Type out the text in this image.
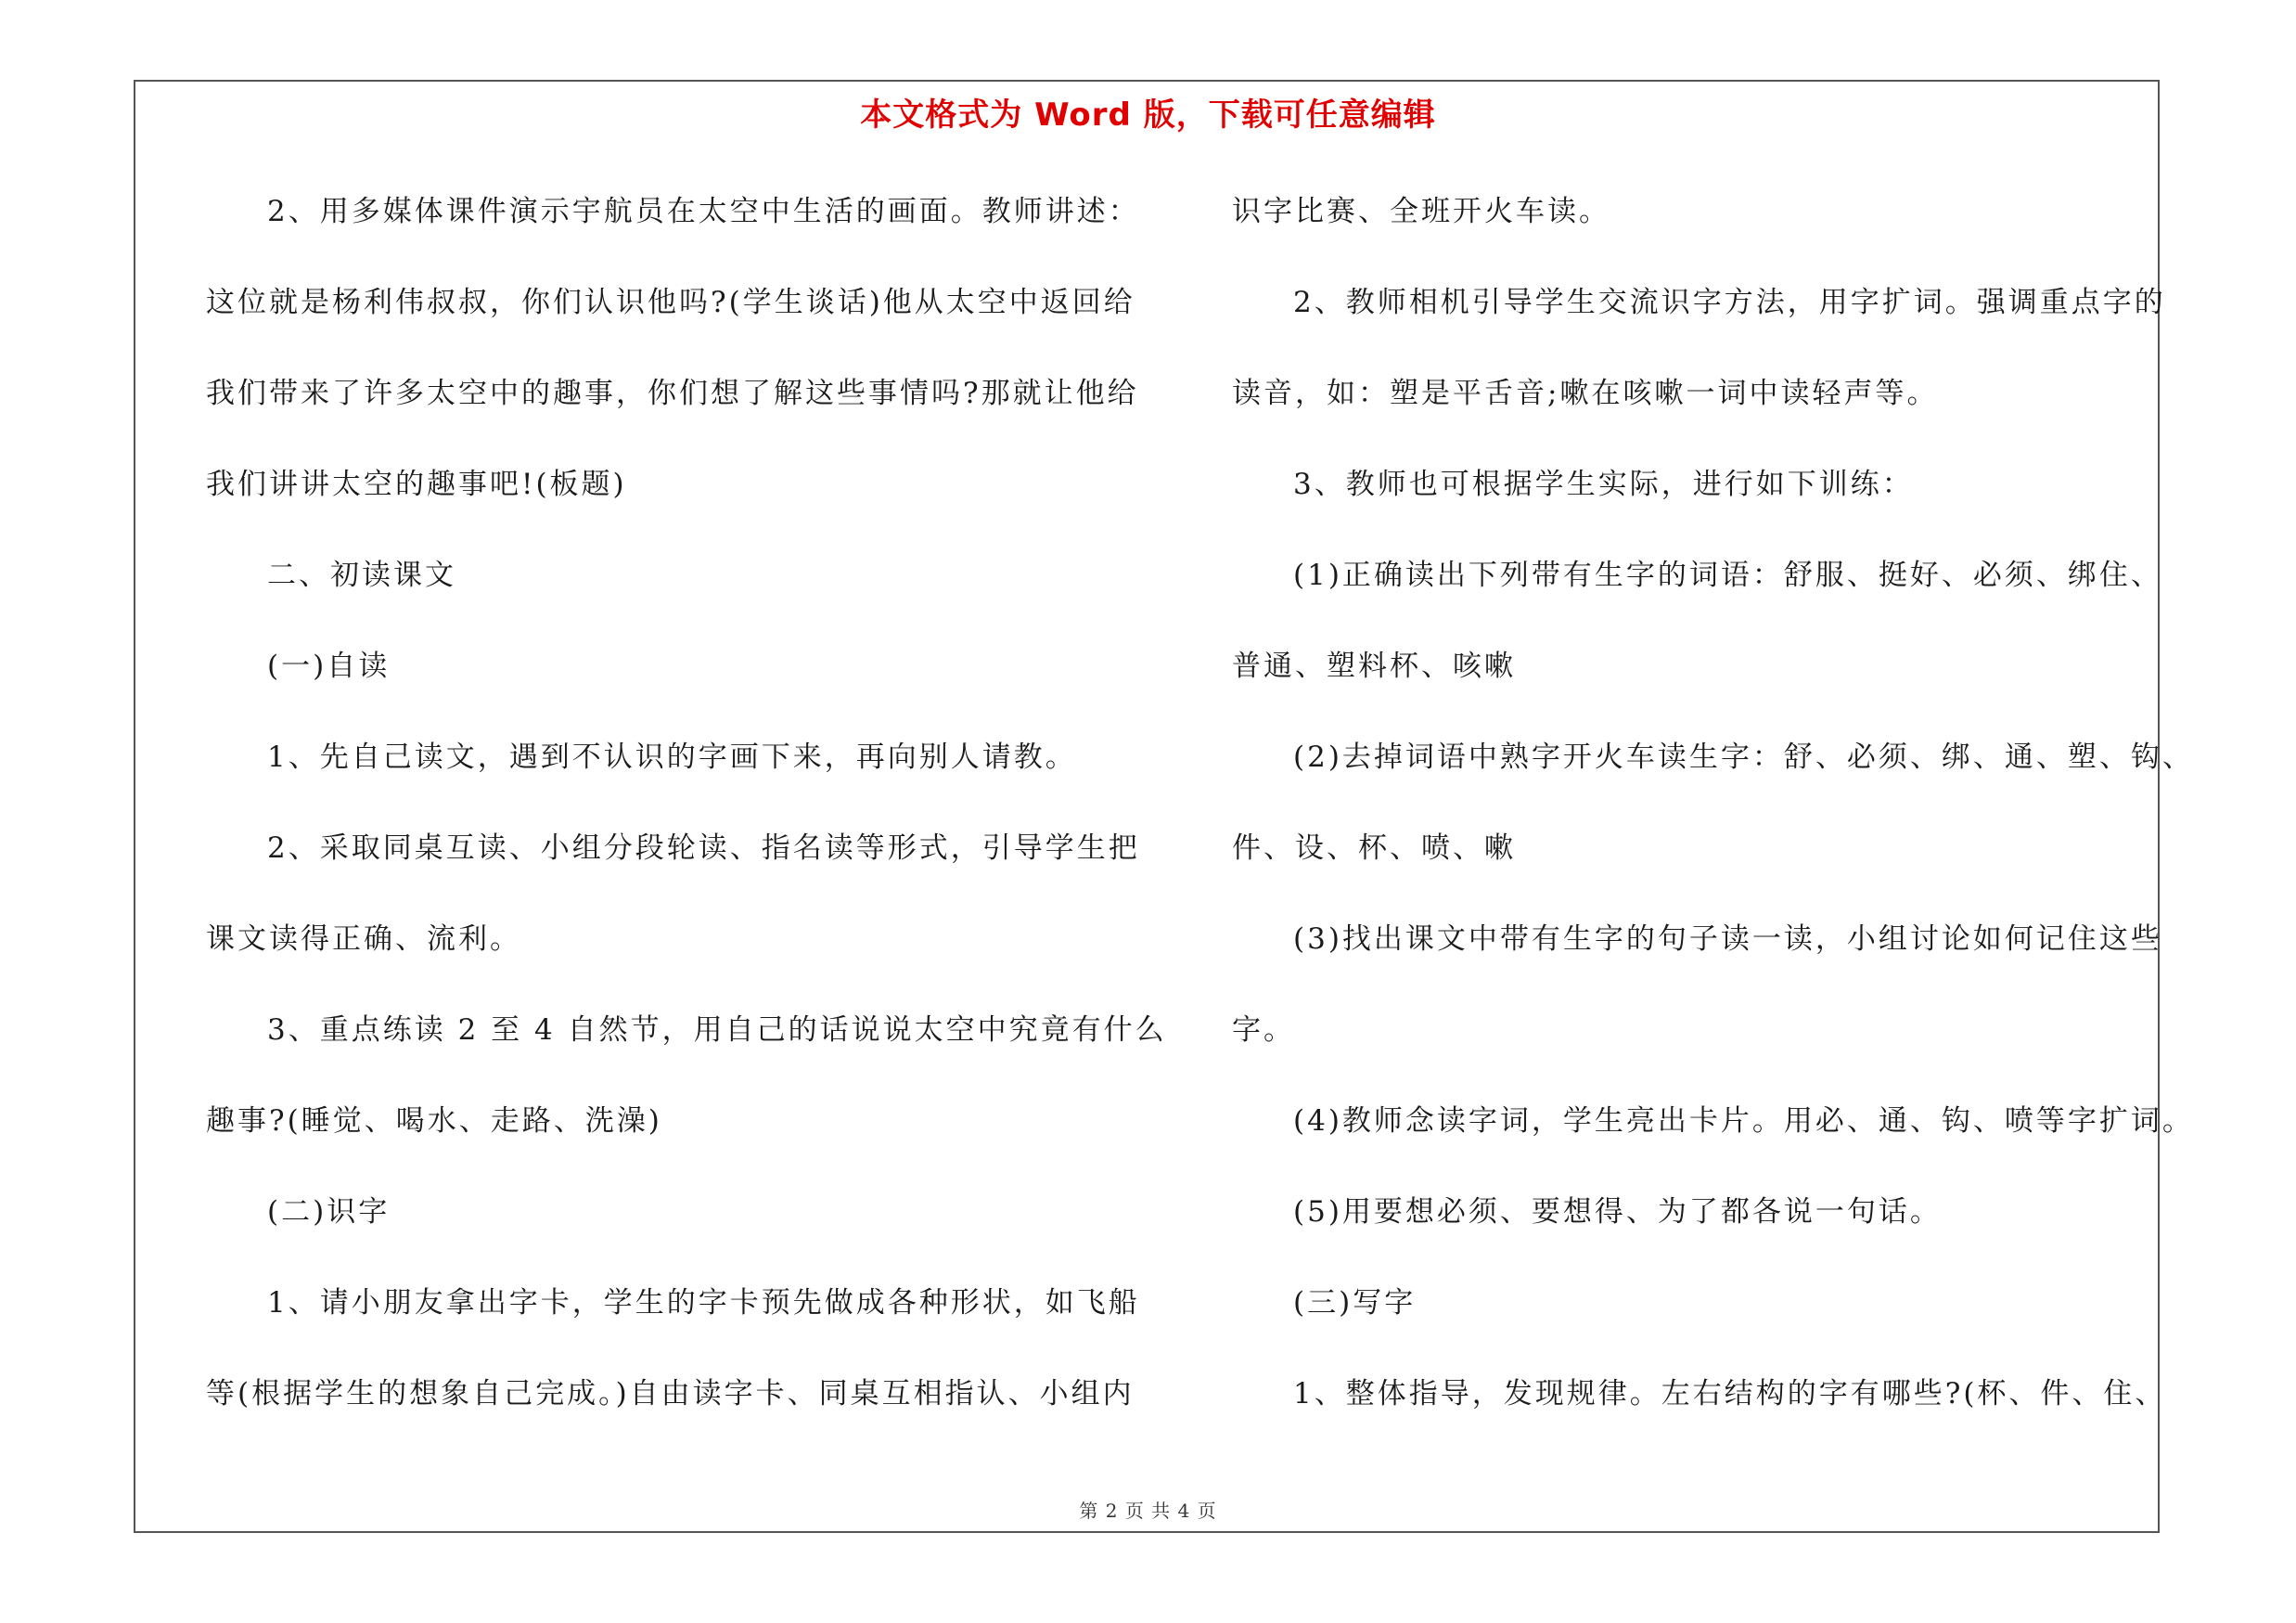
本文格式为 Word 版，下载可任意编辑
2、用多媒体课件演示宇航员在太空中生活的画面。教师讲述：
这位就是杨利伟叔叔，你们认识他吗?(学生谈话)他从太空中返回给
我们带来了许多太空中的趣事，你们想了解这些事情吗?那就让他给
我们讲讲太空的趣事吧!(板题)
二、初读课文
(一)自读
1、先自己读文，遇到不认识的字画下来，再向别人请教。
2、采取同桌互读、小组分段轮读、指名读等形式，引导学生把
课文读得正确、流利。
3、重点练读 2 至 4 自然节，用自己的话说说太空中究竟有什么
趣事?(睡觉、喝水、走路、洗澡)
(二)识字
1、请小朋友拿出字卡，学生的字卡预先做成各种形状，如飞船
等(根据学生的想象自己完成。)自由读字卡、同桌互相指认、小组内
识字比赛、全班开火车读。
2、教师相机引导学生交流识字方法，用字扩词。强调重点字的
读音，如：塑是平舌音;嗽在咳嗽一词中读轻声等。
3、教师也可根据学生实际，进行如下训练：
(1)正确读出下列带有生字的词语：舒服、挺好、必须、绑住、
普通、塑料杯、咳嗽
(2)去掉词语中熟字开火车读生字：舒、必须、绑、通、塑、钩、
件、设、杯、喷、嗽
(3)找出课文中带有生字的句子读一读，小组讨论如何记住这些
字。
(4)教师念读字词，学生亮出卡片。用必、通、钩、喷等字扩词。
(5)用要想必须、要想得、为了都各说一句话。
(三)写字
1、整体指导，发现规律。左右结构的字有哪些?(杯、件、住、
第 2 页 共 4 页
